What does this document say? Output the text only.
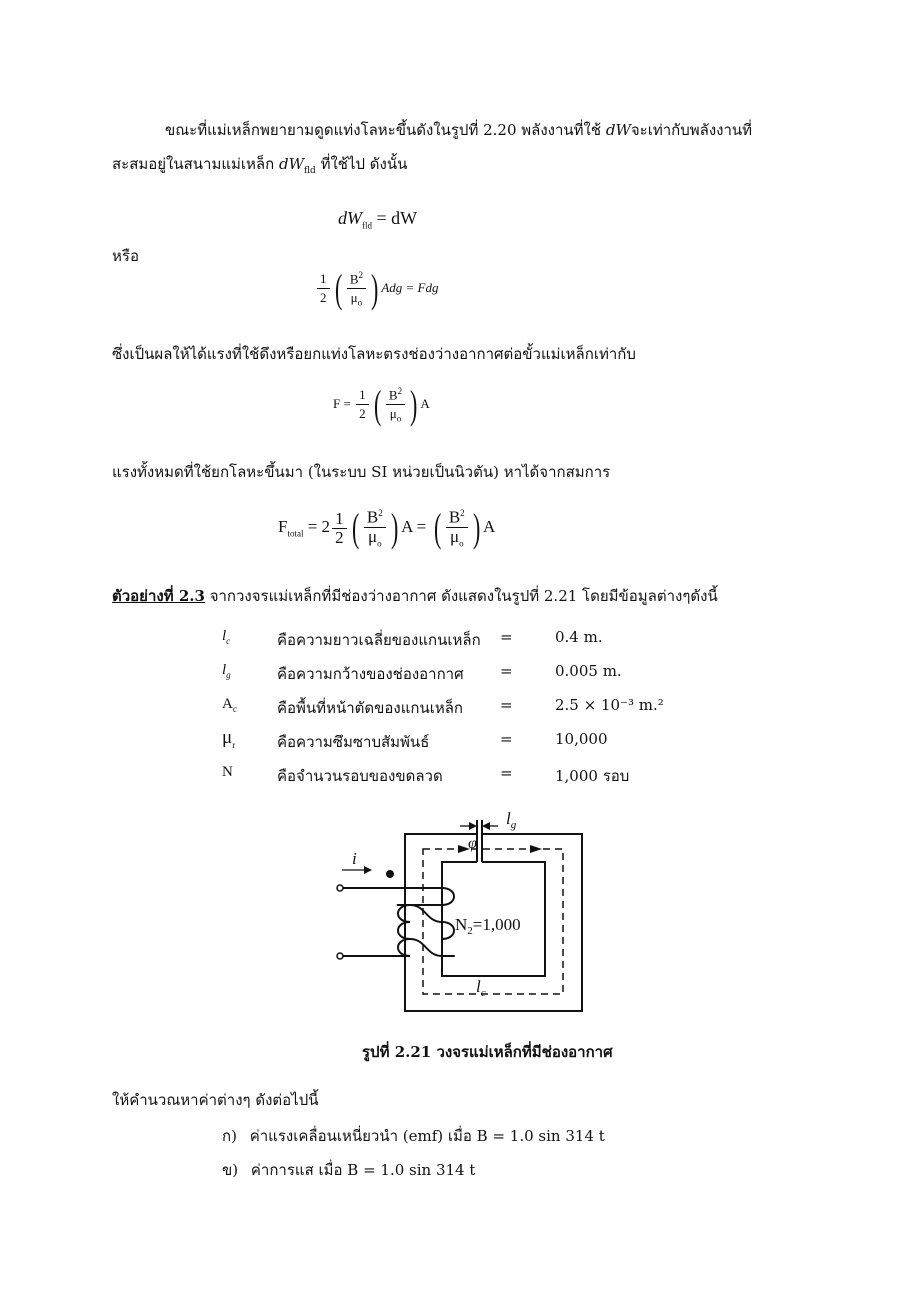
ขณะที่แม่เหล็กพยายามดูดแท่งโลหะขึ้นดังในรูปที่ 2.20 พลังงานที่ใช้ dWจะเท่ากับพลังงานที่
สะสมอยู่ในสนามแม่เหล็ก $dW_{fld}$ ที่ใช้ไป ดังนั้น
$dW_{fld}$ = dW
หรือ
$\frac{1}{2}$ ( $\frac{B^2}{\mu_o}$ ) Adg = Fdg
ซึ่งเป็นผลให้ได้แรงที่ใช้ดึงหรือยกแท่งโลหะตรงช่องว่างอากาศต่อขั้วแม่เหล็กเท่ากับ
$F = \frac{1}{2}$ ( $\frac{B^2}{\mu_o}$ ) A
แรงทั้งหมดที่ใช้ยกโลหะขึ้นมา (ในระบบ SI หน่วยเป็นนิวตัน) หาได้จากสมการ
$F_{total} = 2 \frac{1}{2}$ ( $\frac{B^2}{\mu_o}$ ) A = ( $\frac{B^2}{\mu_o}$ ) A
ตัวอย่างที่ 2.3 จากวงจรแม่เหล็กที่มีช่องว่างอากาศ ดังแสดงในรูปที่ 2.21 โดยมีข้อมูลต่างๆดังนี้
$l_c$	คือความยาวเฉลี่ยของแกนเหล็ก =	0.4 m.
$l_g$	คือความกว้างของช่องอากาศ =	0.005 m.
$A_c$	คือพื้นที่หน้าตัดของแกนเหล็ก =	2.5 × 10⁻³ m.²
$\mu_r$	คือความซึมซาบสัมพันธ์	=	10,000
N	คือจำนวนรอบของขดลวด	=	1,000 รอบ
i
φ
$l_g$
$l_c$
$N_2=1,000$
รูปที่ 2.21 วงจรแม่เหล็กที่มีช่องอากาศ
ให้คำนวณหาค่าต่างๆ ดังต่อไปนี้
ก) ค่าแรงเคลื่อนเหนี่ยวนำ (emf) เมื่อ B = 1.0 sin 314 t
ข) ค่าการแส เมื่อ B = 1.0 sin 314 t
